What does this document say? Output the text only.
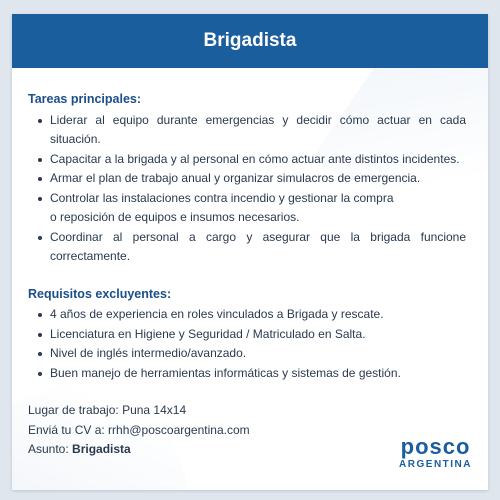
Brigadista
Tareas principales:
Liderar al equipo durante emergencias y decidir cómo actuar en cada situación.
Capacitar a la brigada y al personal en cómo actuar ante distintos incidentes.
Armar el plan de trabajo anual y organizar simulacros de emergencia.
Controlar las instalaciones contra incendio y gestionar la compra
o reposición de equipos e insumos necesarios.
Coordinar al personal a cargo y asegurar que la brigada funcione correctamente.
Requisitos excluyentes:
4 años de experiencia en roles vinculados a Brigada y rescate.
Licenciatura en Higiene y Seguridad / Matriculado en Salta.
Nivel de inglés intermedio/avanzado.
Buen manejo de herramientas informáticas y sistemas de gestión.
Lugar de trabajo: Puna 14x14
Enviá tu CV a: rrhh@poscoargentina.com
Asunto: Brigadista	posco
ARGENTINA
